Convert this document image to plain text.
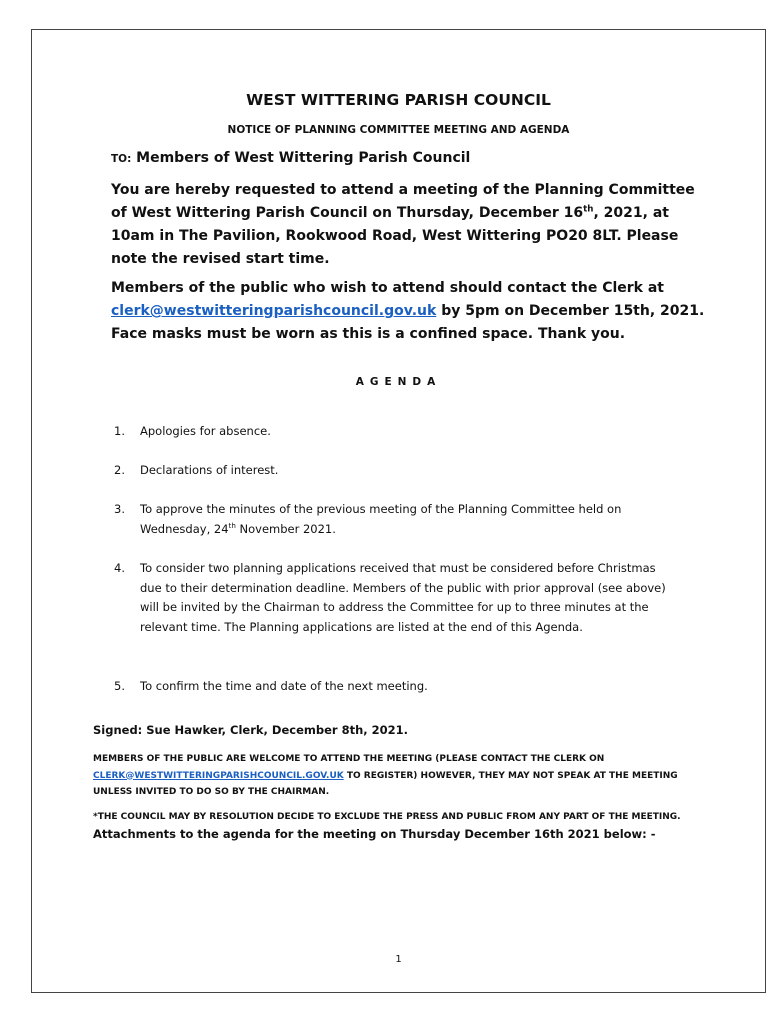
WEST WITTERING PARISH COUNCIL

NOTICE OF PLANNING COMMITTEE MEETING AND AGENDA

TO: Members of West Wittering Parish Council

You are hereby requested to attend a meeting of the Planning Committee of West Wittering Parish Council on Thursday, December 16th, 2021, at 10am in The Pavilion, Rookwood Road, West Wittering PO20 8LT. Please note the revised start time.

Members of the public who wish to attend should contact the Clerk at clerk@westwitteringparishcouncil.gov.uk by 5pm on December 15th, 2021. Face masks must be worn as this is a confined space. Thank you.

AGENDA

1. Apologies for absence.
2. Declarations of interest.
3. To approve the minutes of the previous meeting of the Planning Committee held on Wednesday, 24th November 2021.
4. To consider two planning applications received that must be considered before Christmas due to their determination deadline. Members of the public with prior approval (see above) will be invited by the Chairman to address the Committee for up to three minutes at the relevant time. The Planning applications are listed at the end of this Agenda.
5. To confirm the time and date of the next meeting.

Signed: Sue Hawker, Clerk, December 8th, 2021.

MEMBERS OF THE PUBLIC ARE WELCOME TO ATTEND THE MEETING (PLEASE CONTACT THE CLERK ON CLERK@WESTWITTERINGPARISHCOUNCIL.GOV.UK TO REGISTER) HOWEVER, THEY MAY NOT SPEAK AT THE MEETING UNLESS INVITED TO DO SO BY THE CHAIRMAN.

*THE COUNCIL MAY BY RESOLUTION DECIDE TO EXCLUDE THE PRESS AND PUBLIC FROM ANY PART OF THE MEETING. Attachments to the agenda for the meeting on Thursday December 16th 2021 below: -

1
